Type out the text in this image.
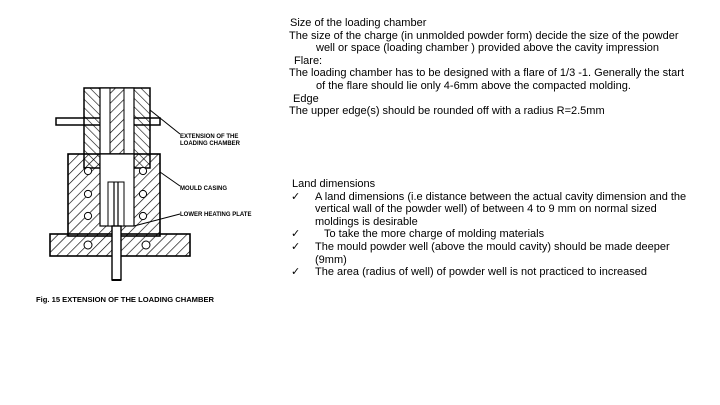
EXTENSION OF THE
LOADING CHAMBER
MOULD CASING
LOWER HEATING PLATE
Fig. 15 EXTENSION OF THE LOADING CHAMBER
Size of the loading chamber
The size of the charge (in unmolded powder form) decide the size of the powder well or space (loading chamber ) provided above the cavity impression
Flare:
The loading chamber has to be designed with a flare of 1/3 -1. Generally the start of the flare should lie only 4-6mm above the compacted molding.
Edge
The upper edge(s) should be rounded off with a radius R=2.5mm
Land dimensions
✓ A land dimensions (i.e distance between the actual cavity dimension and the vertical wall of the powder well) of between 4 to 9 mm on normal sized moldings is desirable
✓ To take the more charge of molding materials
✓ The mould powder well (above the mould cavity) should be made deeper (9mm)
✓ The area (radius of well) of powder well is not practiced to increased
